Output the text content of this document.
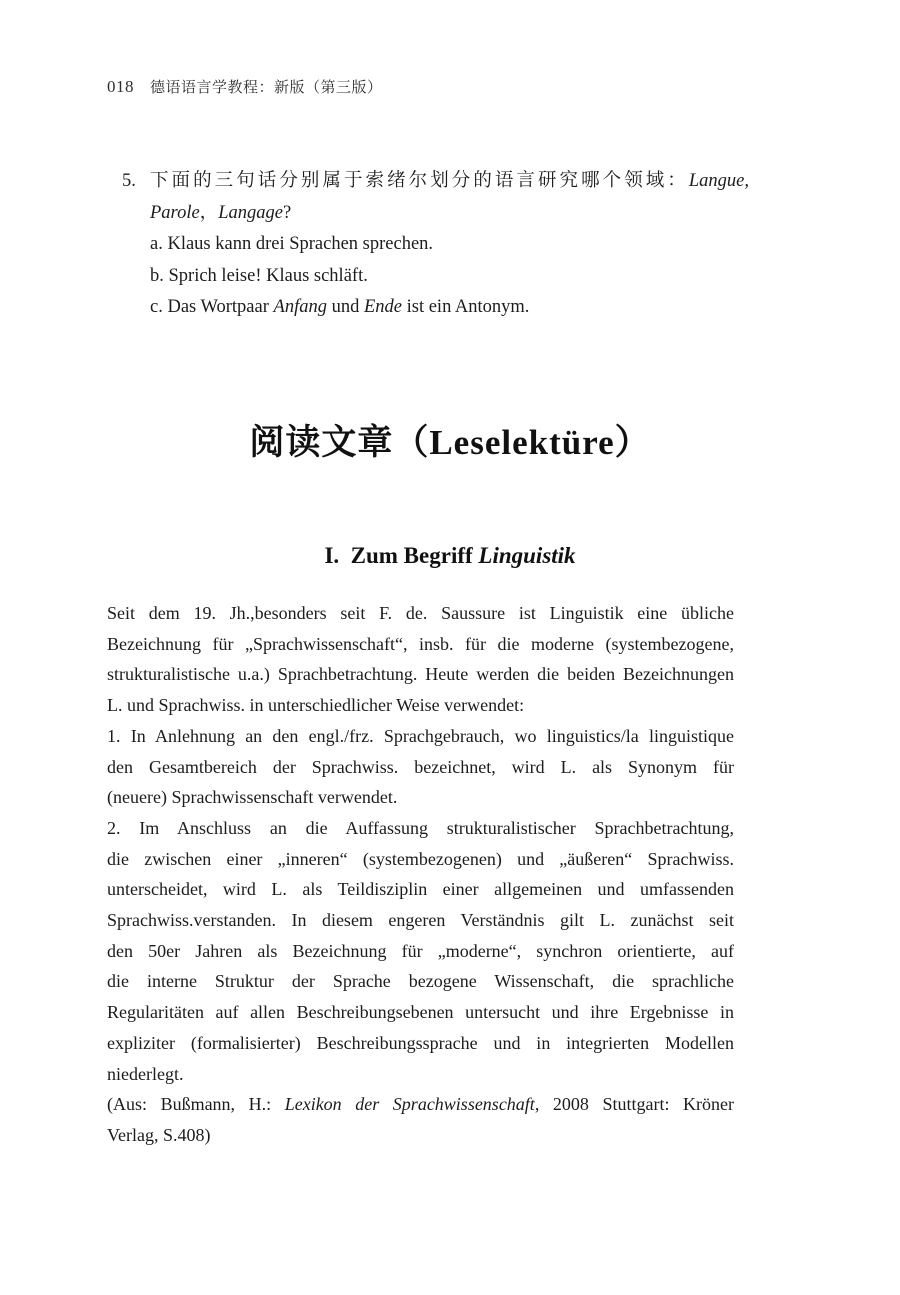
018 德语语言学教程：新版（第三版）
5. 下面的三句话分别属于索绪尔划分的语言研究哪个领域：Langue,
Parole，Langage?
a. Klaus kann drei Sprachen sprechen.
b. Sprich leise! Klaus schläft.
c. Das Wortpaar Anfang und Ende ist ein Antonym.
阅读文章（Leselektüre）
I.  Zum Begriff Linguistik
Seit dem 19. Jh.,besonders seit F. de. Saussure ist Linguistik eine übliche
Bezeichnung für „Sprachwissenschaft“, insb. für die moderne (systembezogene,
strukturalistische u.a.) Sprachbetrachtung. Heute werden die beiden Bezeichnungen
L. und Sprachwiss. in unterschiedlicher Weise verwendet:
1. In Anlehnung an den engl./frz. Sprachgebrauch, wo linguistics/la linguistique
den Gesamtbereich der Sprachwiss. bezeichnet, wird L. als Synonym für
(neuere) Sprachwissenschaft verwendet.
2. Im Anschluss an die Auffassung strukturalistischer Sprachbetrachtung,
die zwischen einer „inneren“ (systembezogenen) und „äußeren“ Sprachwiss.
unterscheidet, wird L. als Teildisziplin einer allgemeinen und umfassenden
Sprachwiss.verstanden. In diesem engeren Verständnis gilt L. zunächst seit
den 50er Jahren als Bezeichnung für „moderne“, synchron orientierte, auf
die interne Struktur der Sprache bezogene Wissenschaft, die sprachliche
Regularitäten auf allen Beschreibungsebenen untersucht und ihre Ergebnisse in
expliziter (formalisierter) Beschreibungssprache und in integrierten Modellen
niederlegt.
(Aus: Bußmann, H.: Lexikon der Sprachwissenschaft, 2008 Stuttgart: Kröner
Verlag, S.408)
